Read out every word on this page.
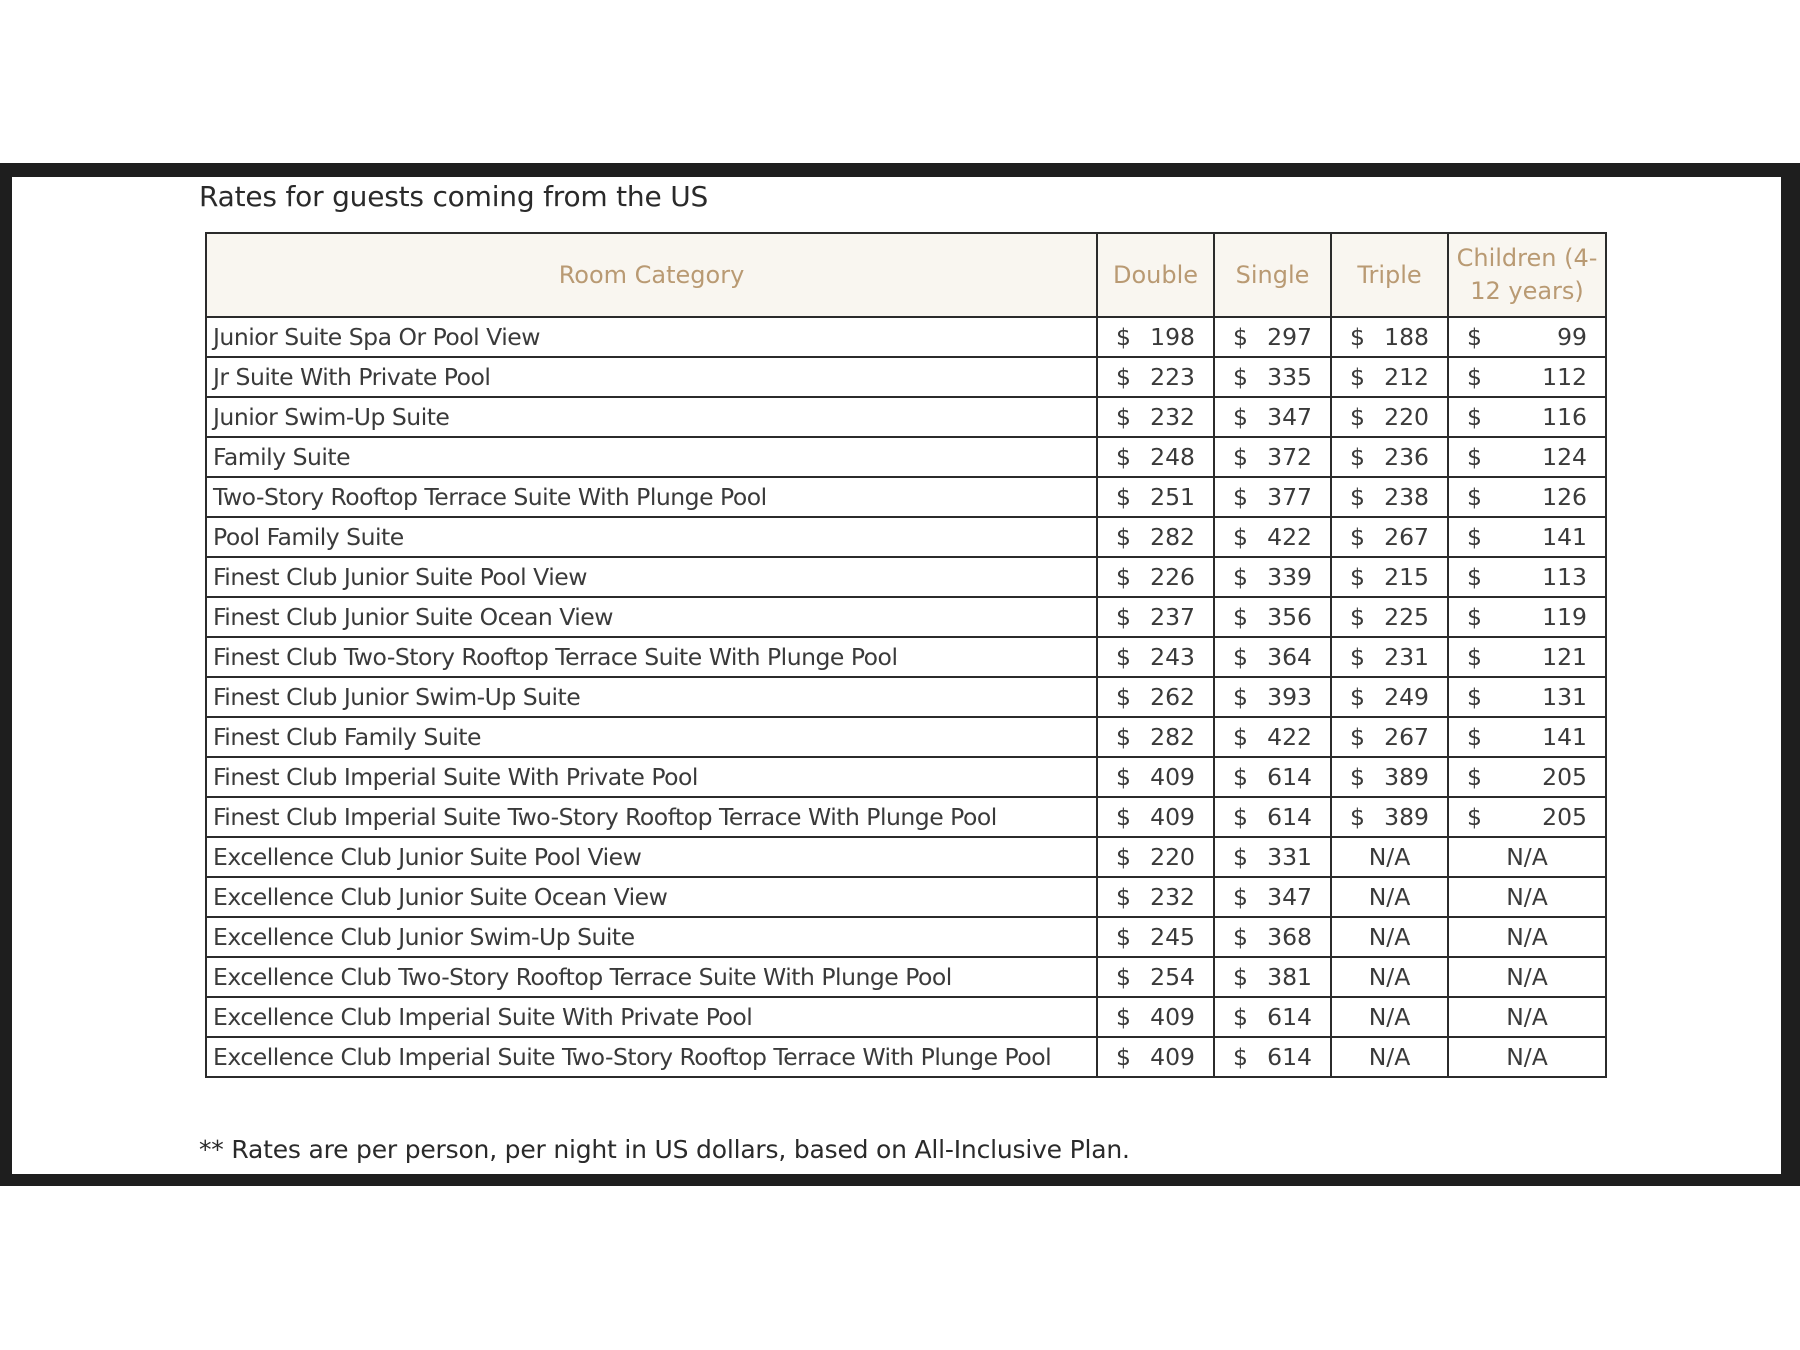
Rates for guests coming from the US
Room Category	Double	Single	Triple	Children (4-12 years)
Junior Suite Spa Or Pool View	$ 198	$ 297	$ 188	$ 99

Jr Suite With Private Pool	$ 223	$ 335	$ 212	$ 112

Junior Swim-Up Suite	$ 232	$ 347	$ 220	$ 116

Family Suite	$ 248	$ 372	$ 236	$ 124

Two-Story Rooftop Terrace Suite With Plunge Pool	$ 251	$ 377	$ 238	$ 126

Pool Family Suite	$ 282	$ 422	$ 267	$ 141

Finest Club Junior Suite Pool View	$ 226	$ 339	$ 215	$ 113

Finest Club Junior Suite Ocean View	$ 237	$ 356	$ 225	$ 119

Finest Club Two-Story Rooftop Terrace Suite With Plunge Pool	$ 243	$ 364	$ 231	$ 121

Finest Club Junior Swim-Up Suite	$ 262	$ 393	$ 249	$ 131

Finest Club Family Suite	$ 282	$ 422	$ 267	$ 141

Finest Club Imperial Suite With Private Pool	$ 409	$ 614	$ 389	$ 205

Finest Club Imperial Suite Two-Story Rooftop Terrace With Plunge Pool	$ 409	$ 614	$ 389	$ 205

Excellence Club Junior Suite Pool View	$ 220	$ 331	N/A	N/A
Excellence Club Junior Suite Ocean View	$ 232	$ 347	N/A	N/A
Excellence Club Junior Swim-Up Suite	$ 245	$ 368	N/A	N/A
Excellence Club Two-Story Rooftop Terrace Suite With Plunge Pool	$ 254	$ 381	N/A	N/A
Excellence Club Imperial Suite With Private Pool	$ 409	$ 614	N/A	N/A
Excellence Club Imperial Suite Two-Story Rooftop Terrace With Plunge Pool	$ 409	$ 614	N/A	N/A
** Rates are per person, per night in US dollars, based on All-Inclusive Plan.
